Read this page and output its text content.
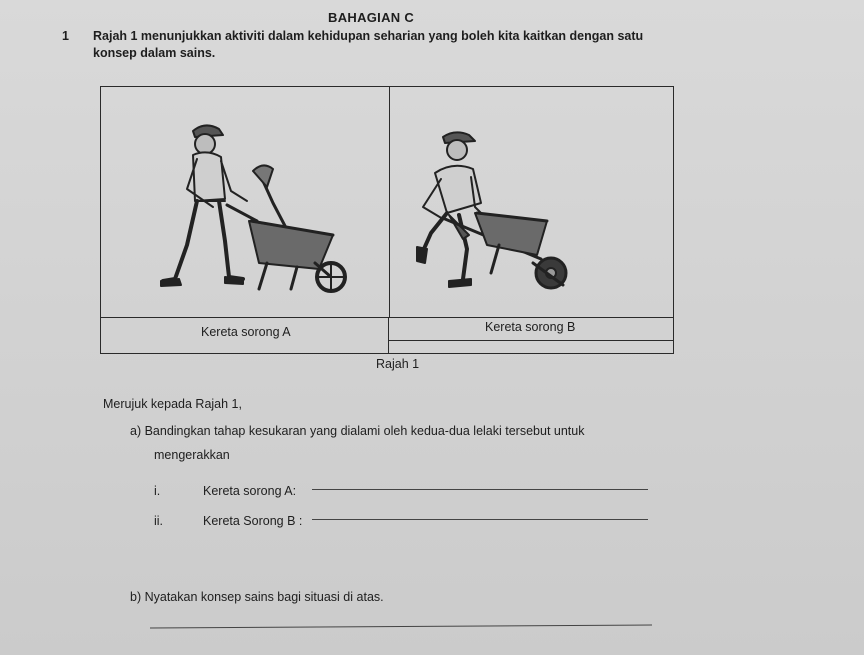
BAHAGIAN C
1 Rajah 1 menunjukkan aktiviti dalam kehidupan seharian yang boleh kita kaitkan dengan satu
konsep dalam sains.
Kereta sorong A	Kereta sorong B
Rajah 1
Merujuk kepada Rajah 1,
a) Bandingkan tahap kesukaran yang dialami oleh kedua-dua lelaki tersebut untuk
mengerakkan
i.	Kereta sorong A:
ii.	Kereta Sorong B :
b) Nyatakan konsep sains bagi situasi di atas.
